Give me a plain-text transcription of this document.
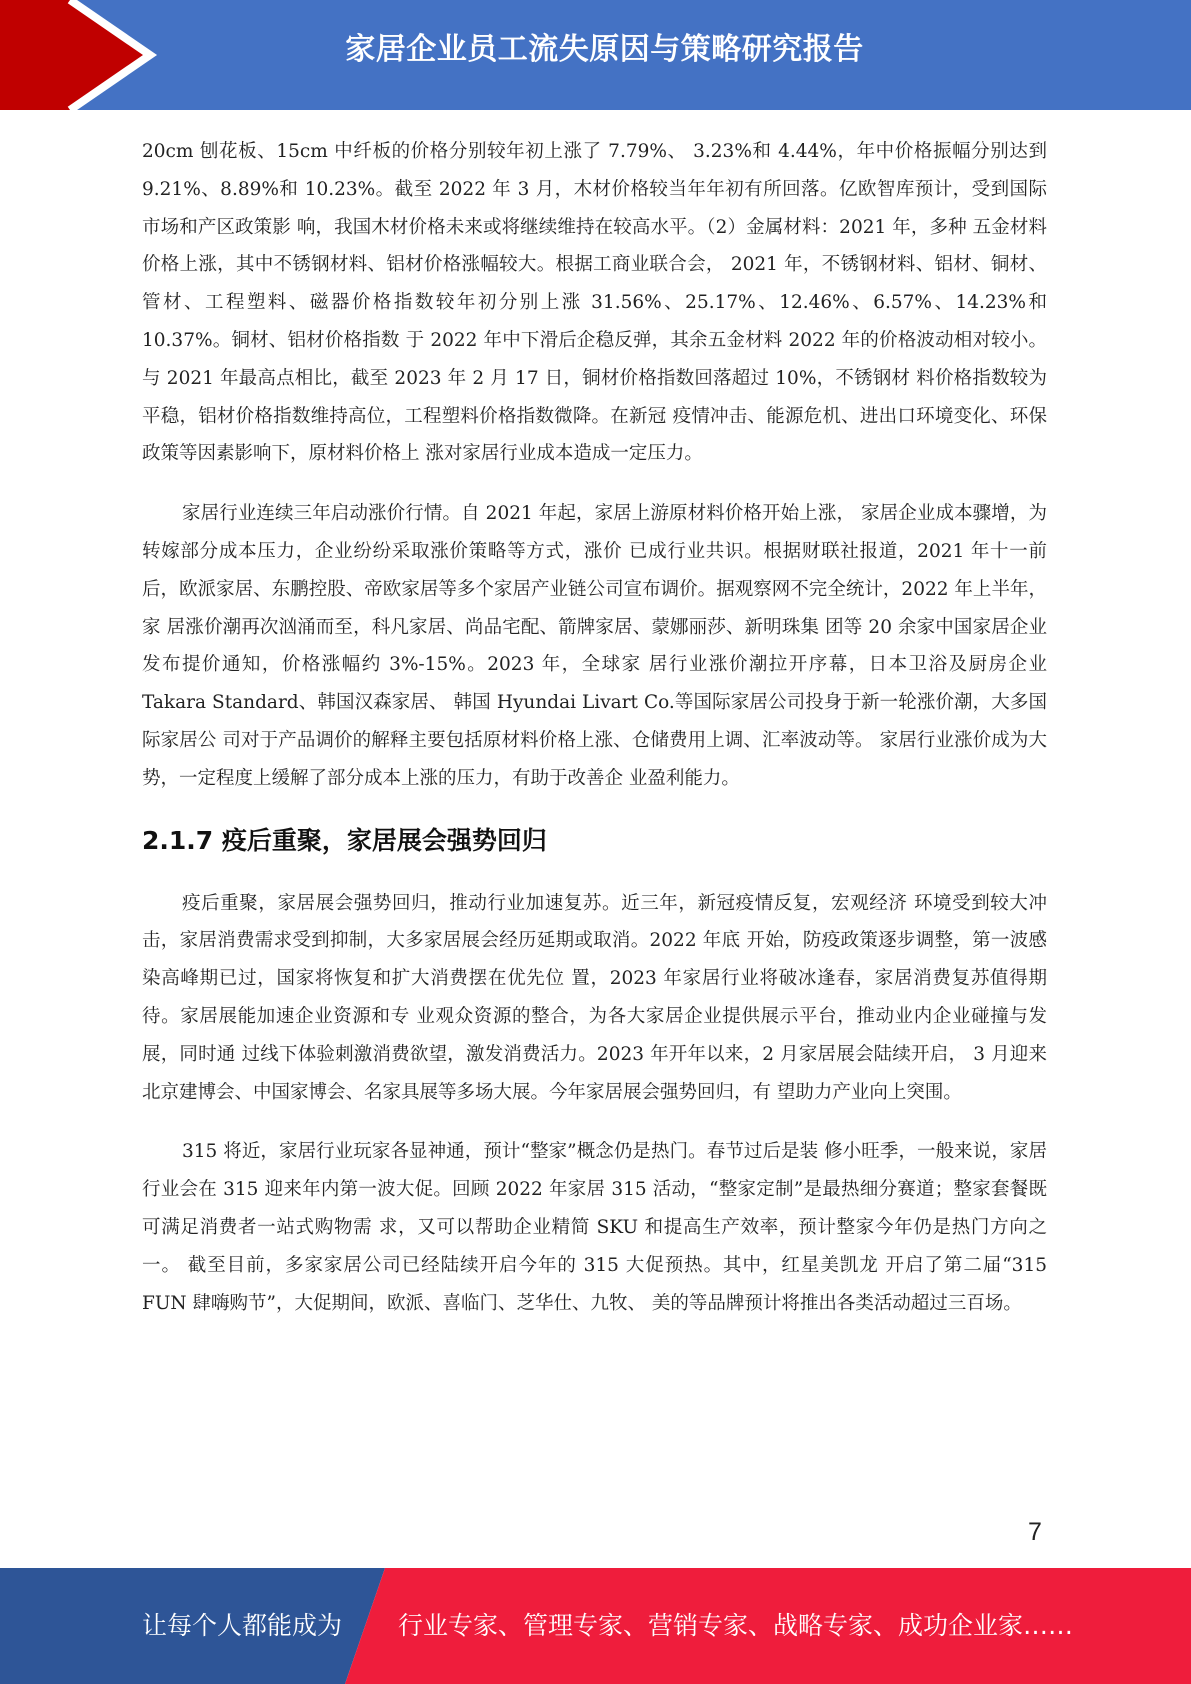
家居企业员工流失原因与策略研究报告

20cm 刨花板、15cm 中纤板的价格分别较年初上涨了 7.79%、 3.23%和 4.44%，年中价格振幅分别达到 9.21%、8.89%和 10.23%。截至 2022 年 3 月，木材价格较当年年初有所回落。亿欧智库预计，受到国际市场和产区政策影 响，我国木材价格未来或将继续维持在较高水平。（2）金属材料：2021 年，多种 五金材料价格上涨，其中不锈钢材料、铝材价格涨幅较大。根据工商业联合会， 2021 年，不锈钢材料、铝材、铜材、管材、工程塑料、磁器价格指数较年初分别上涨 31.56%、25.17%、12.46%、6.57%、14.23%和 10.37%。铜材、铝材价格指数 于 2022 年中下滑后企稳反弹，其余五金材料 2022 年的价格波动相对较小。与 2021 年最高点相比，截至 2023 年 2 月 17 日，铜材价格指数回落超过 10%，不锈钢材 料价格指数较为平稳，铝材价格指数维持高位，工程塑料价格指数微降。在新冠 疫情冲击、能源危机、进出口环境变化、环保政策等因素影响下，原材料价格上 涨对家居行业成本造成一定压力。

家居行业连续三年启动涨价行情。自 2021 年起，家居上游原材料价格开始上涨， 家居企业成本骤增，为转嫁部分成本压力，企业纷纷采取涨价策略等方式，涨价 已成行业共识。根据财联社报道，2021 年十一前后，欧派家居、东鹏控股、帝欧家居等多个家居产业链公司宣布调价。据观察网不完全统计，2022 年上半年，家 居涨价潮再次汹涌而至，科凡家居、尚品宅配、箭牌家居、蒙娜丽莎、新明珠集 团等 20 余家中国家居企业发布提价通知，价格涨幅约 3%-15%。2023 年，全球家 居行业涨价潮拉开序幕，日本卫浴及厨房企业 Takara Standard、韩国汉森家居、 韩国 Hyundai Livart Co.等国际家居公司投身于新一轮涨价潮，大多国际家居公 司对于产品调价的解释主要包括原材料价格上涨、仓储费用上调、汇率波动等。 家居行业涨价成为大势，一定程度上缓解了部分成本上涨的压力，有助于改善企 业盈利能力。

2.1.7 疫后重聚，家居展会强势回归

疫后重聚，家居展会强势回归，推动行业加速复苏。近三年，新冠疫情反复，宏观经济 环境受到较大冲击，家居消费需求受到抑制，大多家居展会经历延期或取消。2022 年底 开始，防疫政策逐步调整，第一波感染高峰期已过，国家将恢复和扩大消费摆在优先位 置，2023 年家居行业将破冰逢春，家居消费复苏值得期待。家居展能加速企业资源和专 业观众资源的整合，为各大家居企业提供展示平台，推动业内企业碰撞与发展，同时通 过线下体验刺激消费欲望，激发消费活力。2023 年开年以来，2 月家居展会陆续开启， 3 月迎来北京建博会、中国家博会、名家具展等多场大展。今年家居展会强势回归，有 望助力产业向上突围。

315 将近，家居行业玩家各显神通，预计“整家”概念仍是热门。春节过后是装 修小旺季，一般来说，家居行业会在 315 迎来年内第一波大促。回顾 2022 年家居 315 活动，“整家定制”是最热细分赛道；整家套餐既可满足消费者一站式购物需 求，又可以帮助企业精简 SKU 和提高生产效率，预计整家今年仍是热门方向之一。 截至目前，多家家居公司已经陆续开启今年的 315 大促预热。其中，红星美凯龙 开启了第二届“315 FUN 肆嗨购节”，大促期间，欧派、喜临门、芝华仕、九牧、 美的等品牌预计将推出各类活动超过三百场。

7
让每个人都能成为 行业专家、管理专家、营销专家、战略专家、成功企业家……
